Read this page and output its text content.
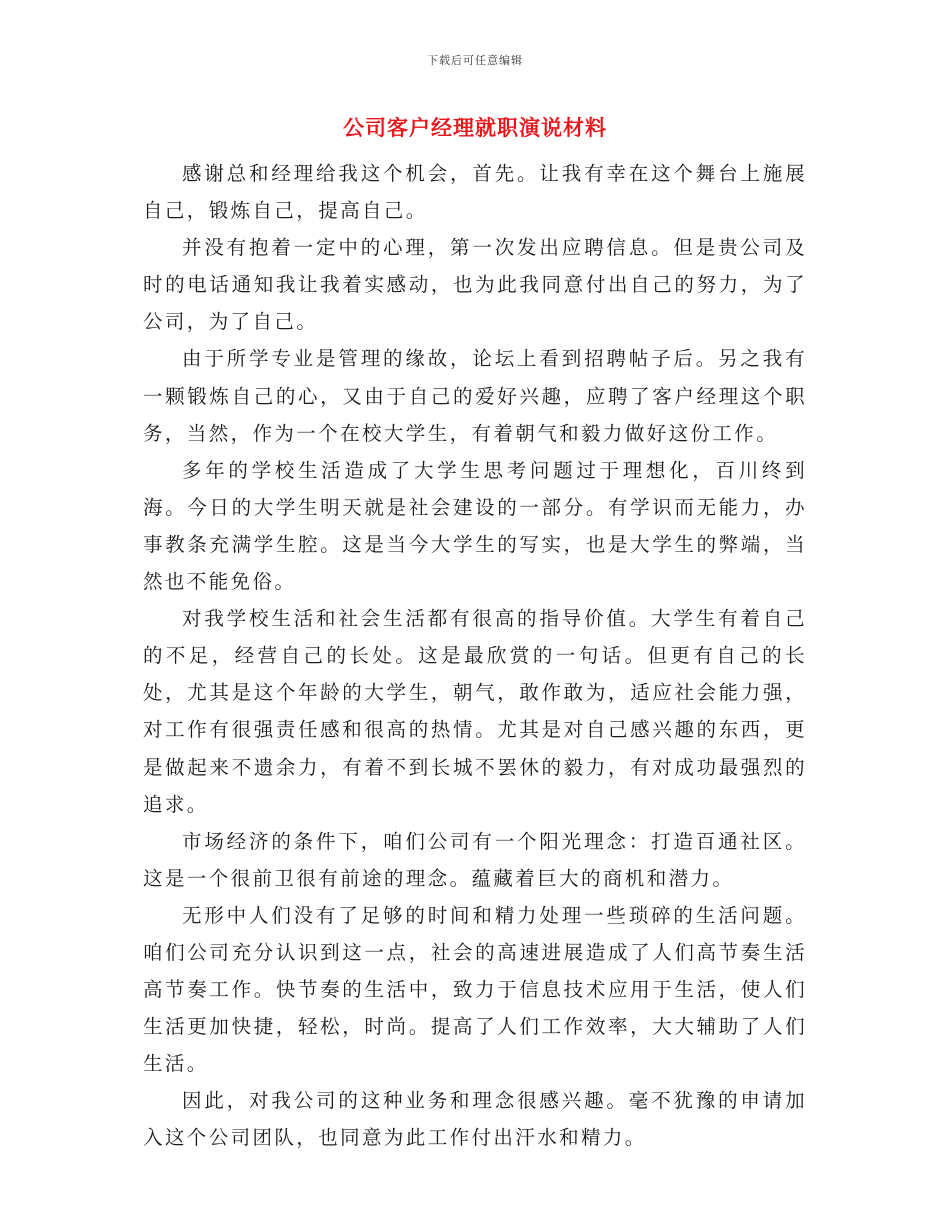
下载后可任意编辑
公司客户经理就职演说材料

感谢总和经理给我这个机会，首先。让我有幸在这个舞台上施展自己，锻炼自己，提高自己。

并没有抱着一定中的心理，第一次发出应聘信息。但是贵公司及时的电话通知我让我着实感动，也为此我同意付出自己的努力，为了公司，为了自己。

由于所学专业是管理的缘故，论坛上看到招聘帖子后。另之我有一颗锻炼自己的心，又由于自己的爱好兴趣，应聘了客户经理这个职务，当然，作为一个在校大学生，有着朝气和毅力做好这份工作。

多年的学校生活造成了大学生思考问题过于理想化，百川终到海。今日的大学生明天就是社会建设的一部分。有学识而无能力，办事教条充满学生腔。这是当今大学生的写实，也是大学生的弊端，当然也不能免俗。

对我学校生活和社会生活都有很高的指导价值。大学生有着自己的不足，经营自己的长处。这是最欣赏的一句话。但更有自己的长处，尤其是这个年龄的大学生，朝气，敢作敢为，适应社会能力强，对工作有很强责任感和很高的热情。尤其是对自己感兴趣的东西，更是做起来不遗余力，有着不到长城不罢休的毅力，有对成功最强烈的追求。

市场经济的条件下，咱们公司有一个阳光理念：打造百通社区。这是一个很前卫很有前途的理念。蕴藏着巨大的商机和潜力。

无形中人们没有了足够的时间和精力处理一些琐碎的生活问题。咱们公司充分认识到这一点，社会的高速进展造成了人们高节奏生活高节奏工作。快节奏的生活中，致力于信息技术应用于生活，使人们生活更加快捷，轻松，时尚。提高了人们工作效率，大大辅助了人们生活。

因此，对我公司的这种业务和理念很感兴趣。毫不犹豫的申请加入这个公司团队，也同意为此工作付出汗水和精力。
